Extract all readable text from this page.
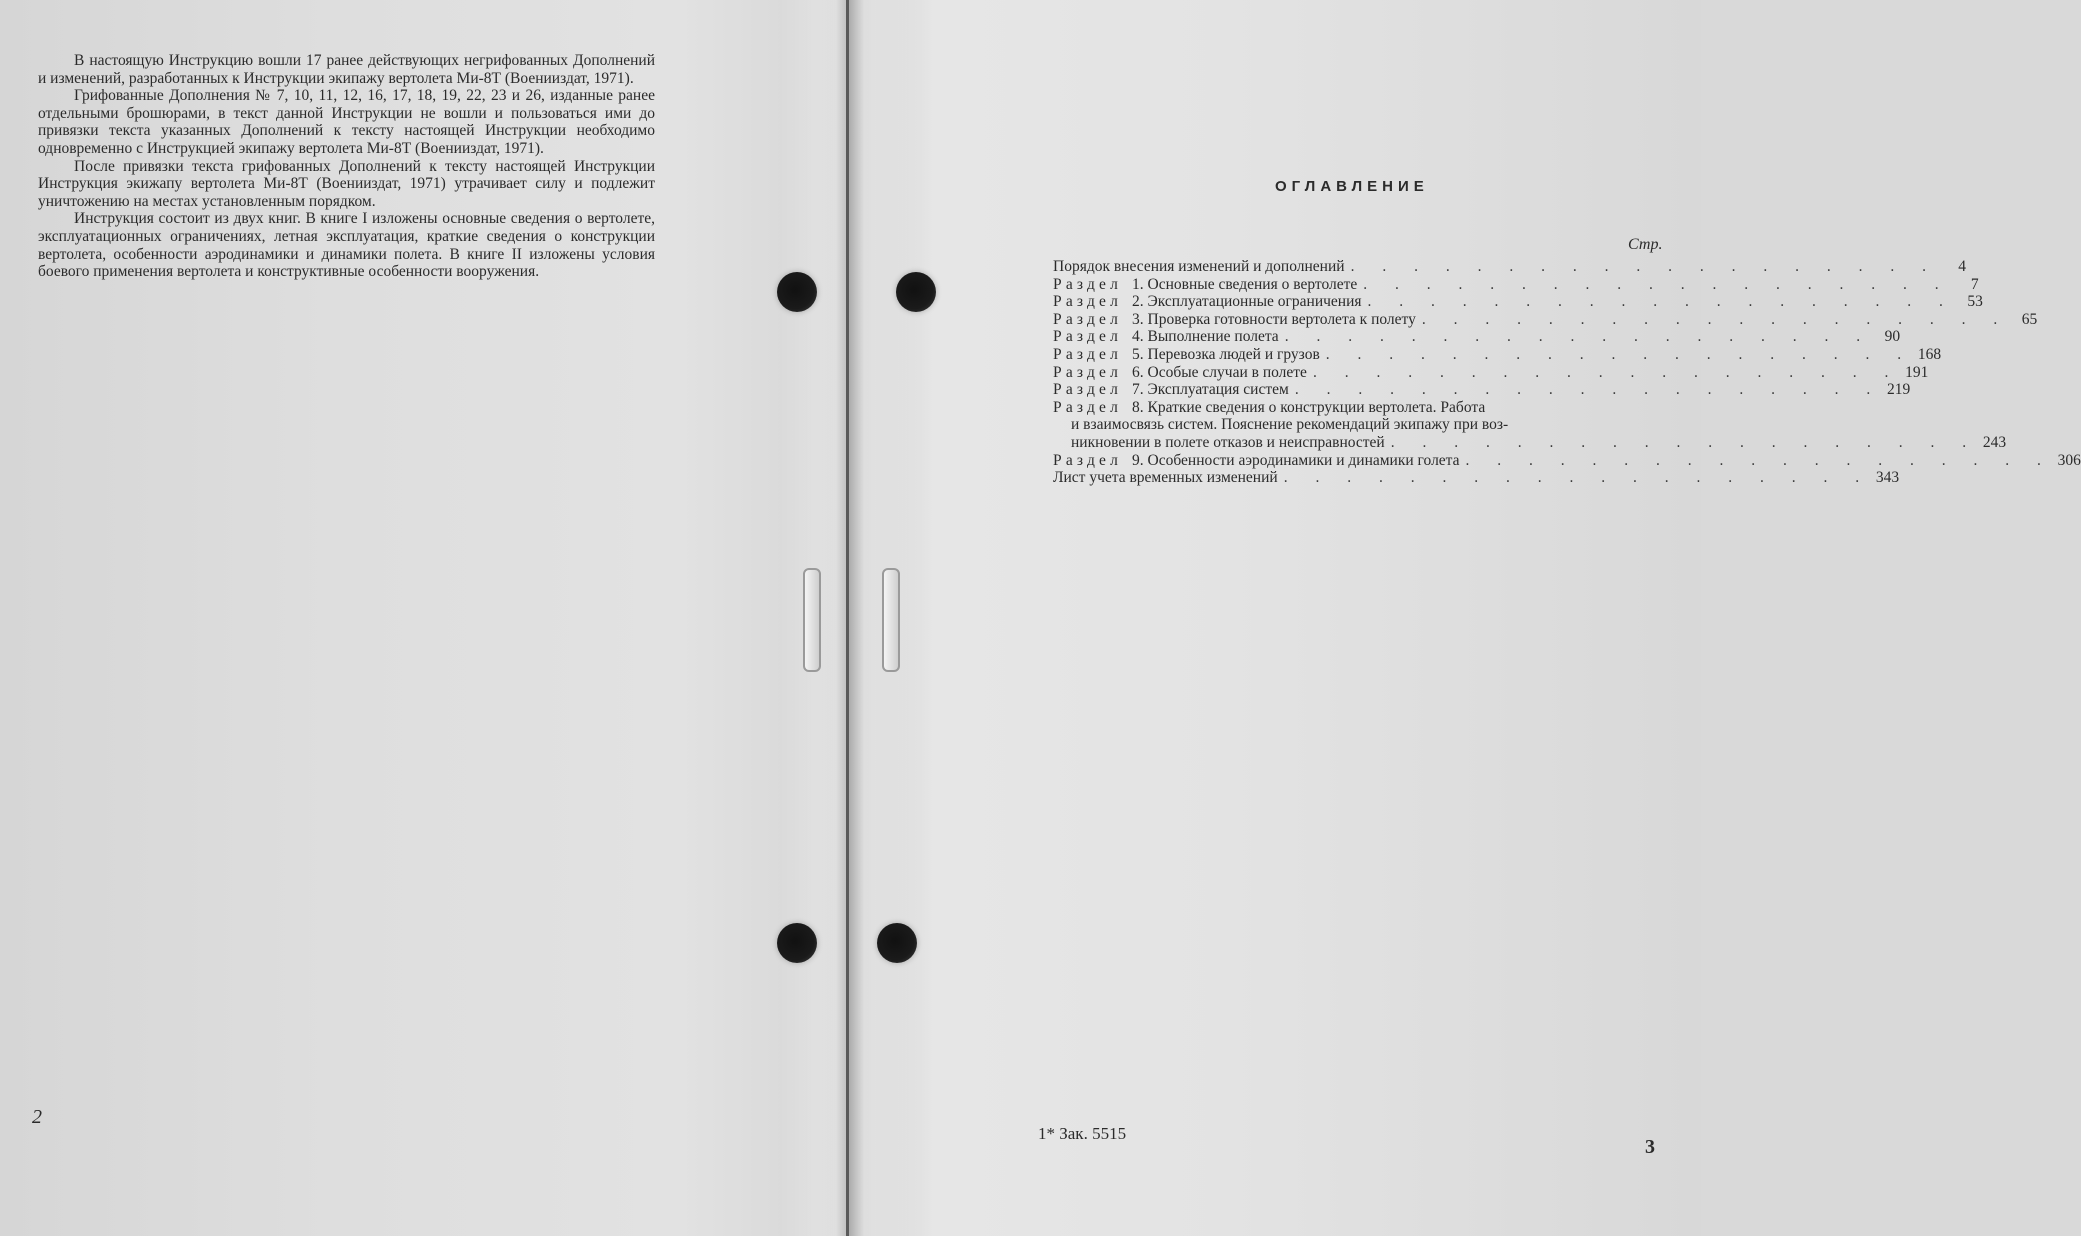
В настоящую Инструкцию вошли 17 ранее действующих негрифованных Дополнений и изменений, разработанных к Инструкции экипажу вертолета Ми-8Т (Военииздат, 1971).

Грифованные Дополнения № 7, 10, 11, 12, 16, 17, 18, 19, 22, 23 и 26, изданные ранее отдельными брошюрами, в текст данной Инструкции не вошли и пользоваться ими до привязки текста указанных Дополнений к тексту настоящей Инструкции необходимо одновременно с Инструкцией экипажу вертолета Ми-8Т (Военииздат, 1971).

После привязки текста грифованных Дополнений к тексту настоящей Инструкции Инструкция экижапу вертолета Ми-8Т (Военииздат, 1971) утрачивает силу и подлежит уничтожению на местах установленным порядком.

Инструкция состоит из двух книг. В книге I изложены основные сведения о вертолете, эксплуатационных ограничениях, летная эксплуатация, краткие сведения о конструкции вертолета, особенности аэродинамики и динамики полета. В книге II изложены условия боевого применения вертолета и конструктивные особенности вооружения.

2
ОГЛАВЛЕНИЕ
Стр.
Порядок внесения изменений и дополнений . . . . . . . . . . . . . . . . . . .	4
Раздел 1. Основные сведения о вертолете . . . . . . . . . . . . . . . . . . .	7
Раздел 2. Эксплуатационные ограничения . . . . . . . . . . . . . . . . . . . 53
Раздел 3. Проверка готовности вертолета к полету . . . . . . . . . . . . . . . . . . . 65
Раздел 4. Выполнение полета . . . . . . . . . . . . . . . . . . . 90
Раздел 5. Перевозка людей и грузов . . . . . . . . . . . . . . . . . . . 168
Раздел 6. Особые случаи в полете . . . . . . . . . . . . . . . . . . . 191
Раздел 7. Эксплуатация систем . . . . . . . . . . . . . . . . . . . 219
Раздел 8. Краткие сведения о конструкции вертолета. Работа
и взаимосвязь систем. Пояснение рекомендаций экипажу при воз-
никновении в полете отказов и неисправностей . . . . . . . . . . . . . . . . . . . 243
Раздел 9. Особенности аэродинамики и динамики голета . . . . . . . . . . . . . . . . . . . 306
Лист учета временных изменений . . . . . . . . . . . . . . . . . . . 343
1* Зак. 5515
3
